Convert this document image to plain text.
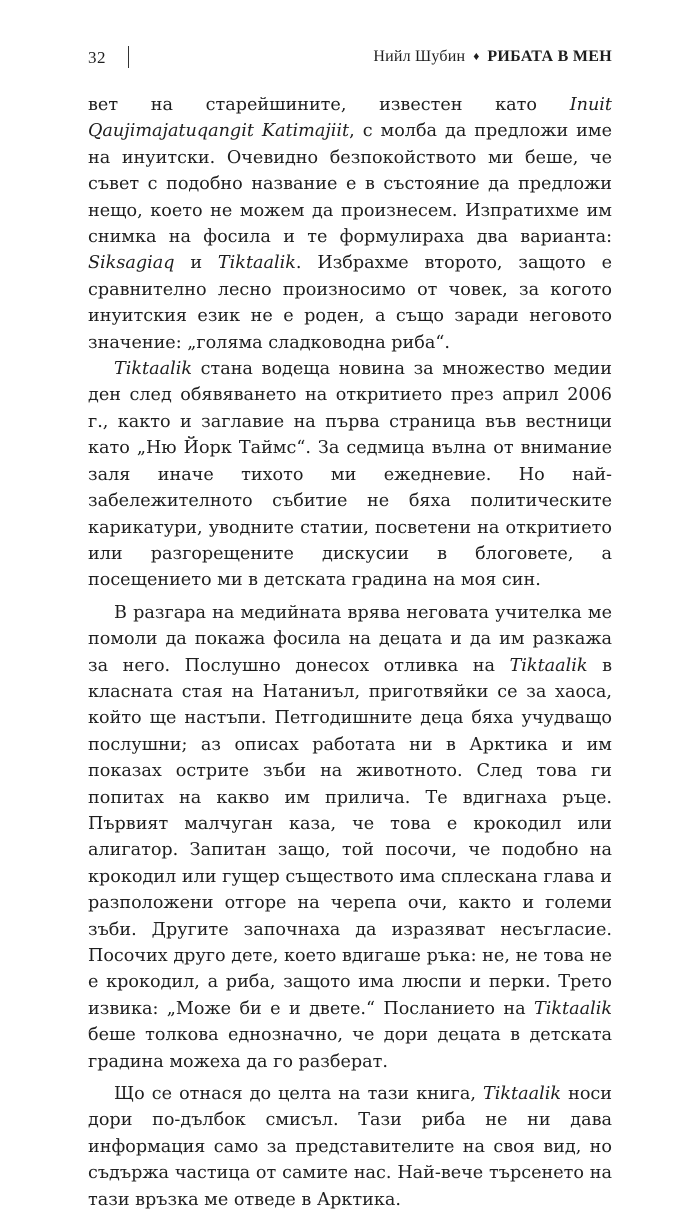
32	Нийл Шубин ♦ РИБАТА В МЕН

вет на старейшините, известен като Inuit Qaujimajatuqangit Katimajiit, с молба да предложи име на инуитски. Очевидно безпокойството ми беше, че съвет с подобно название е в състояние да предложи нещо, което не можем да произнесем. Изпратихме им снимка на фосила и те формулираха два варианта: Siksagiaq и Tiktaalik. Избрахме второто, защото е сравнително лесно произносимо от човек, за когото инуитския език не е роден, а също заради неговото значение: „голяма сладководна риба“.

Tiktaalik стана водеща новина за множество медии ден след обявяването на откритието през април 2006 г., както и заглавие на първа страница във вестници като „Ню Йорк Таймс“. За седмица вълна от внимание заля иначе тихото ми ежедневие. Но най-забележителното събитие не бяха политическите карикатури, уводните статии, посветени на откритието или разгорещените дискусии в блоговете, а посещението ми в детската градина на моя син.

В разгара на медийната врява неговата учителка ме помоли да покажа фосила на децата и да им разкажа за него. Послушно донесох отливка на Tiktaalik в класната стая на Натаниъл, приготвяйки се за хаоса, който ще настъпи. Петгодишните деца бяха учудващо послушни; аз описах работата ни в Арктика и им показах острите зъби на животното. След това ги попитах на какво им прилича. Те вдигнаха ръце. Първият малчуган каза, че това е крокодил или алигатор. Запитан защо, той посочи, че подобно на крокодил или гущер съществото има сплескана глава и разположени отгоре на черепа очи, както и големи зъби. Другите започнаха да изразяват несъгласие. Посочих друго дете, което вдигаше ръка: не, не това не е крокодил, а риба, защото има люспи и перки. Трето извика: „Може би е и двете.“ Посланието на Tiktaalik беше толкова еднозначно, че дори децата в детската градина можеха да го разберат.

Що се отнася до целта на тази книга, Tiktaalik носи дори по-дълбок смисъл. Тази риба не ни дава информация само за представителите на своя вид, но съдържа частица от самите нас. Най-вече търсенето на тази връзка ме отведе в Арктика.
